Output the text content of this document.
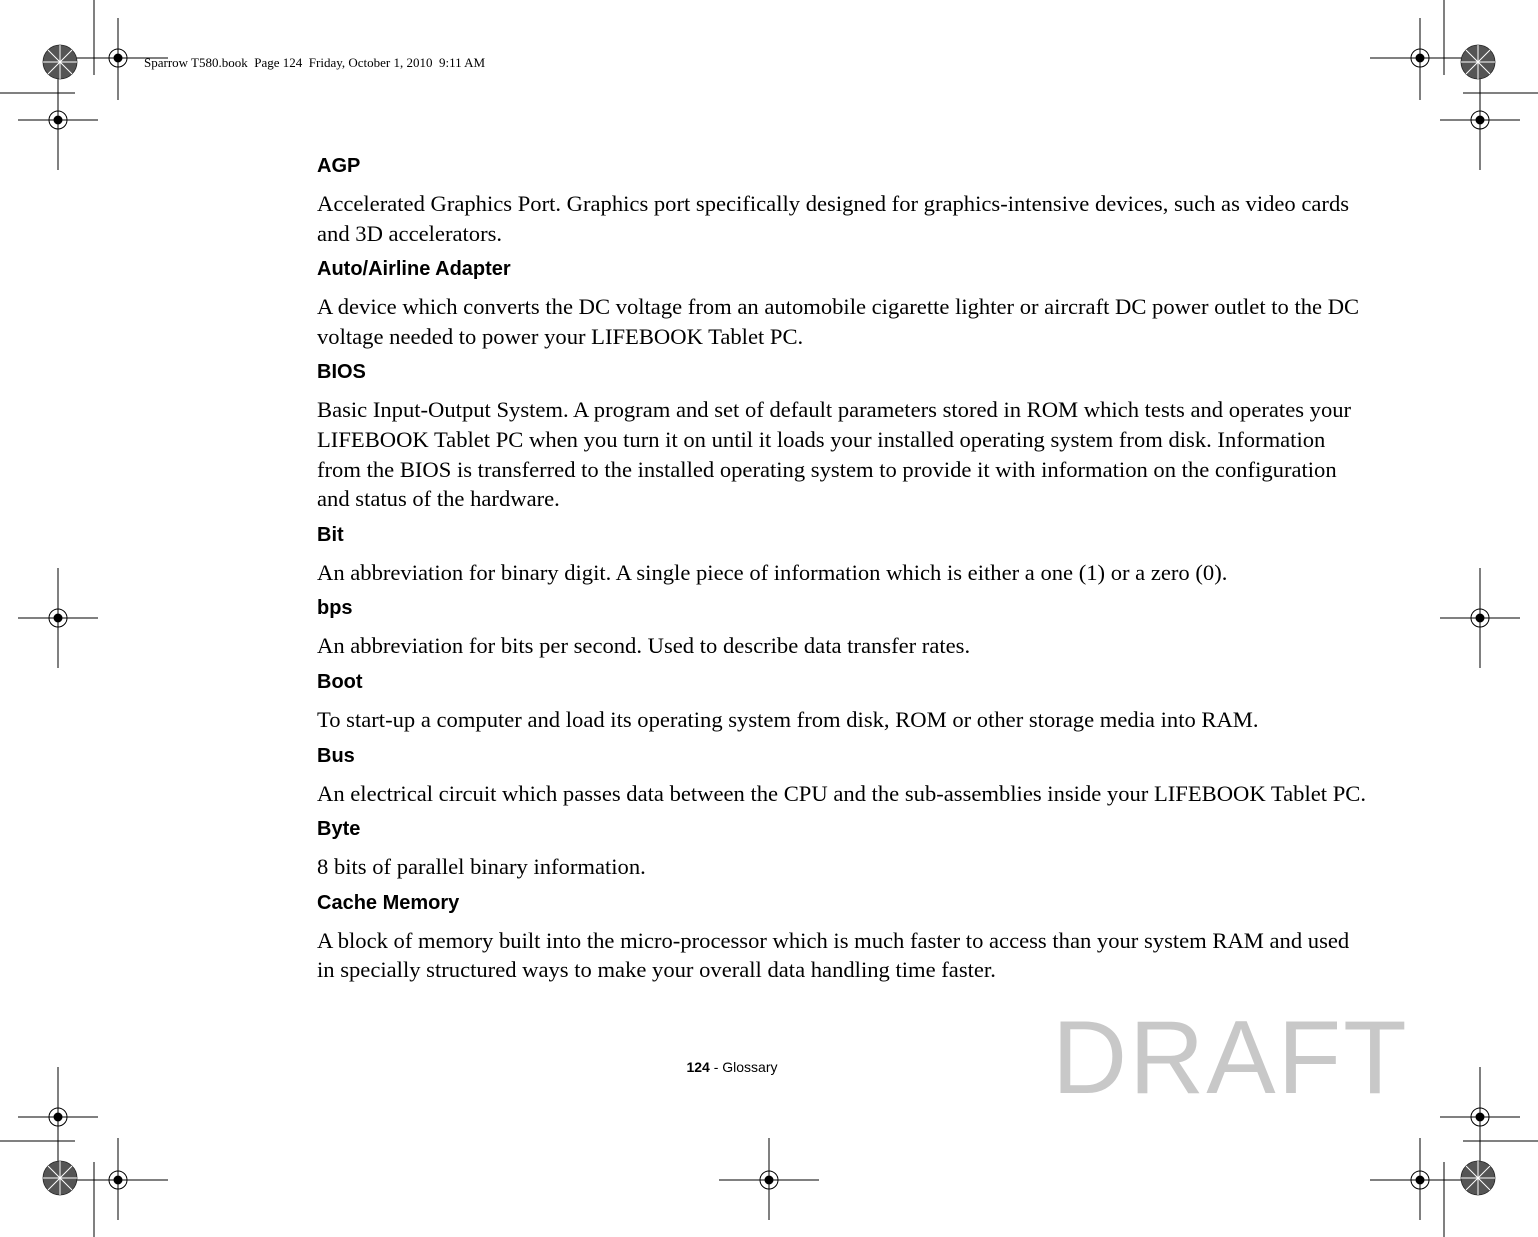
Sparrow T580.book  Page 124  Friday, October 1, 2010  9:11 AM

AGP

Accelerated Graphics Port. Graphics port specifically designed for graphics-intensive devices, such as video cards and 3D accelerators.

Auto/Airline Adapter

A device which converts the DC voltage from an automobile cigarette lighter or aircraft DC power outlet to the DC voltage needed to power your LIFEBOOK Tablet PC.

BIOS

Basic Input-Output System. A program and set of default parameters stored in ROM which tests and operates your LIFEBOOK Tablet PC when you turn it on until it loads your installed operating system from disk. Information from the BIOS is transferred to the installed operating system to provide it with information on the configuration and status of the hardware.

Bit

An abbreviation for binary digit. A single piece of information which is either a one (1) or a zero (0).

bps

An abbreviation for bits per second. Used to describe data transfer rates.

Boot

To start-up a computer and load its operating system from disk, ROM or other storage media into RAM.

Bus

An electrical circuit which passes data between the CPU and the sub-assemblies inside your LIFEBOOK Tablet PC.

Byte

8 bits of parallel binary information.

Cache Memory

A block of memory built into the micro-processor which is much faster to access than your system RAM and used in specially structured ways to make your overall data handling time faster.

DRAFT
124 - Glossary
